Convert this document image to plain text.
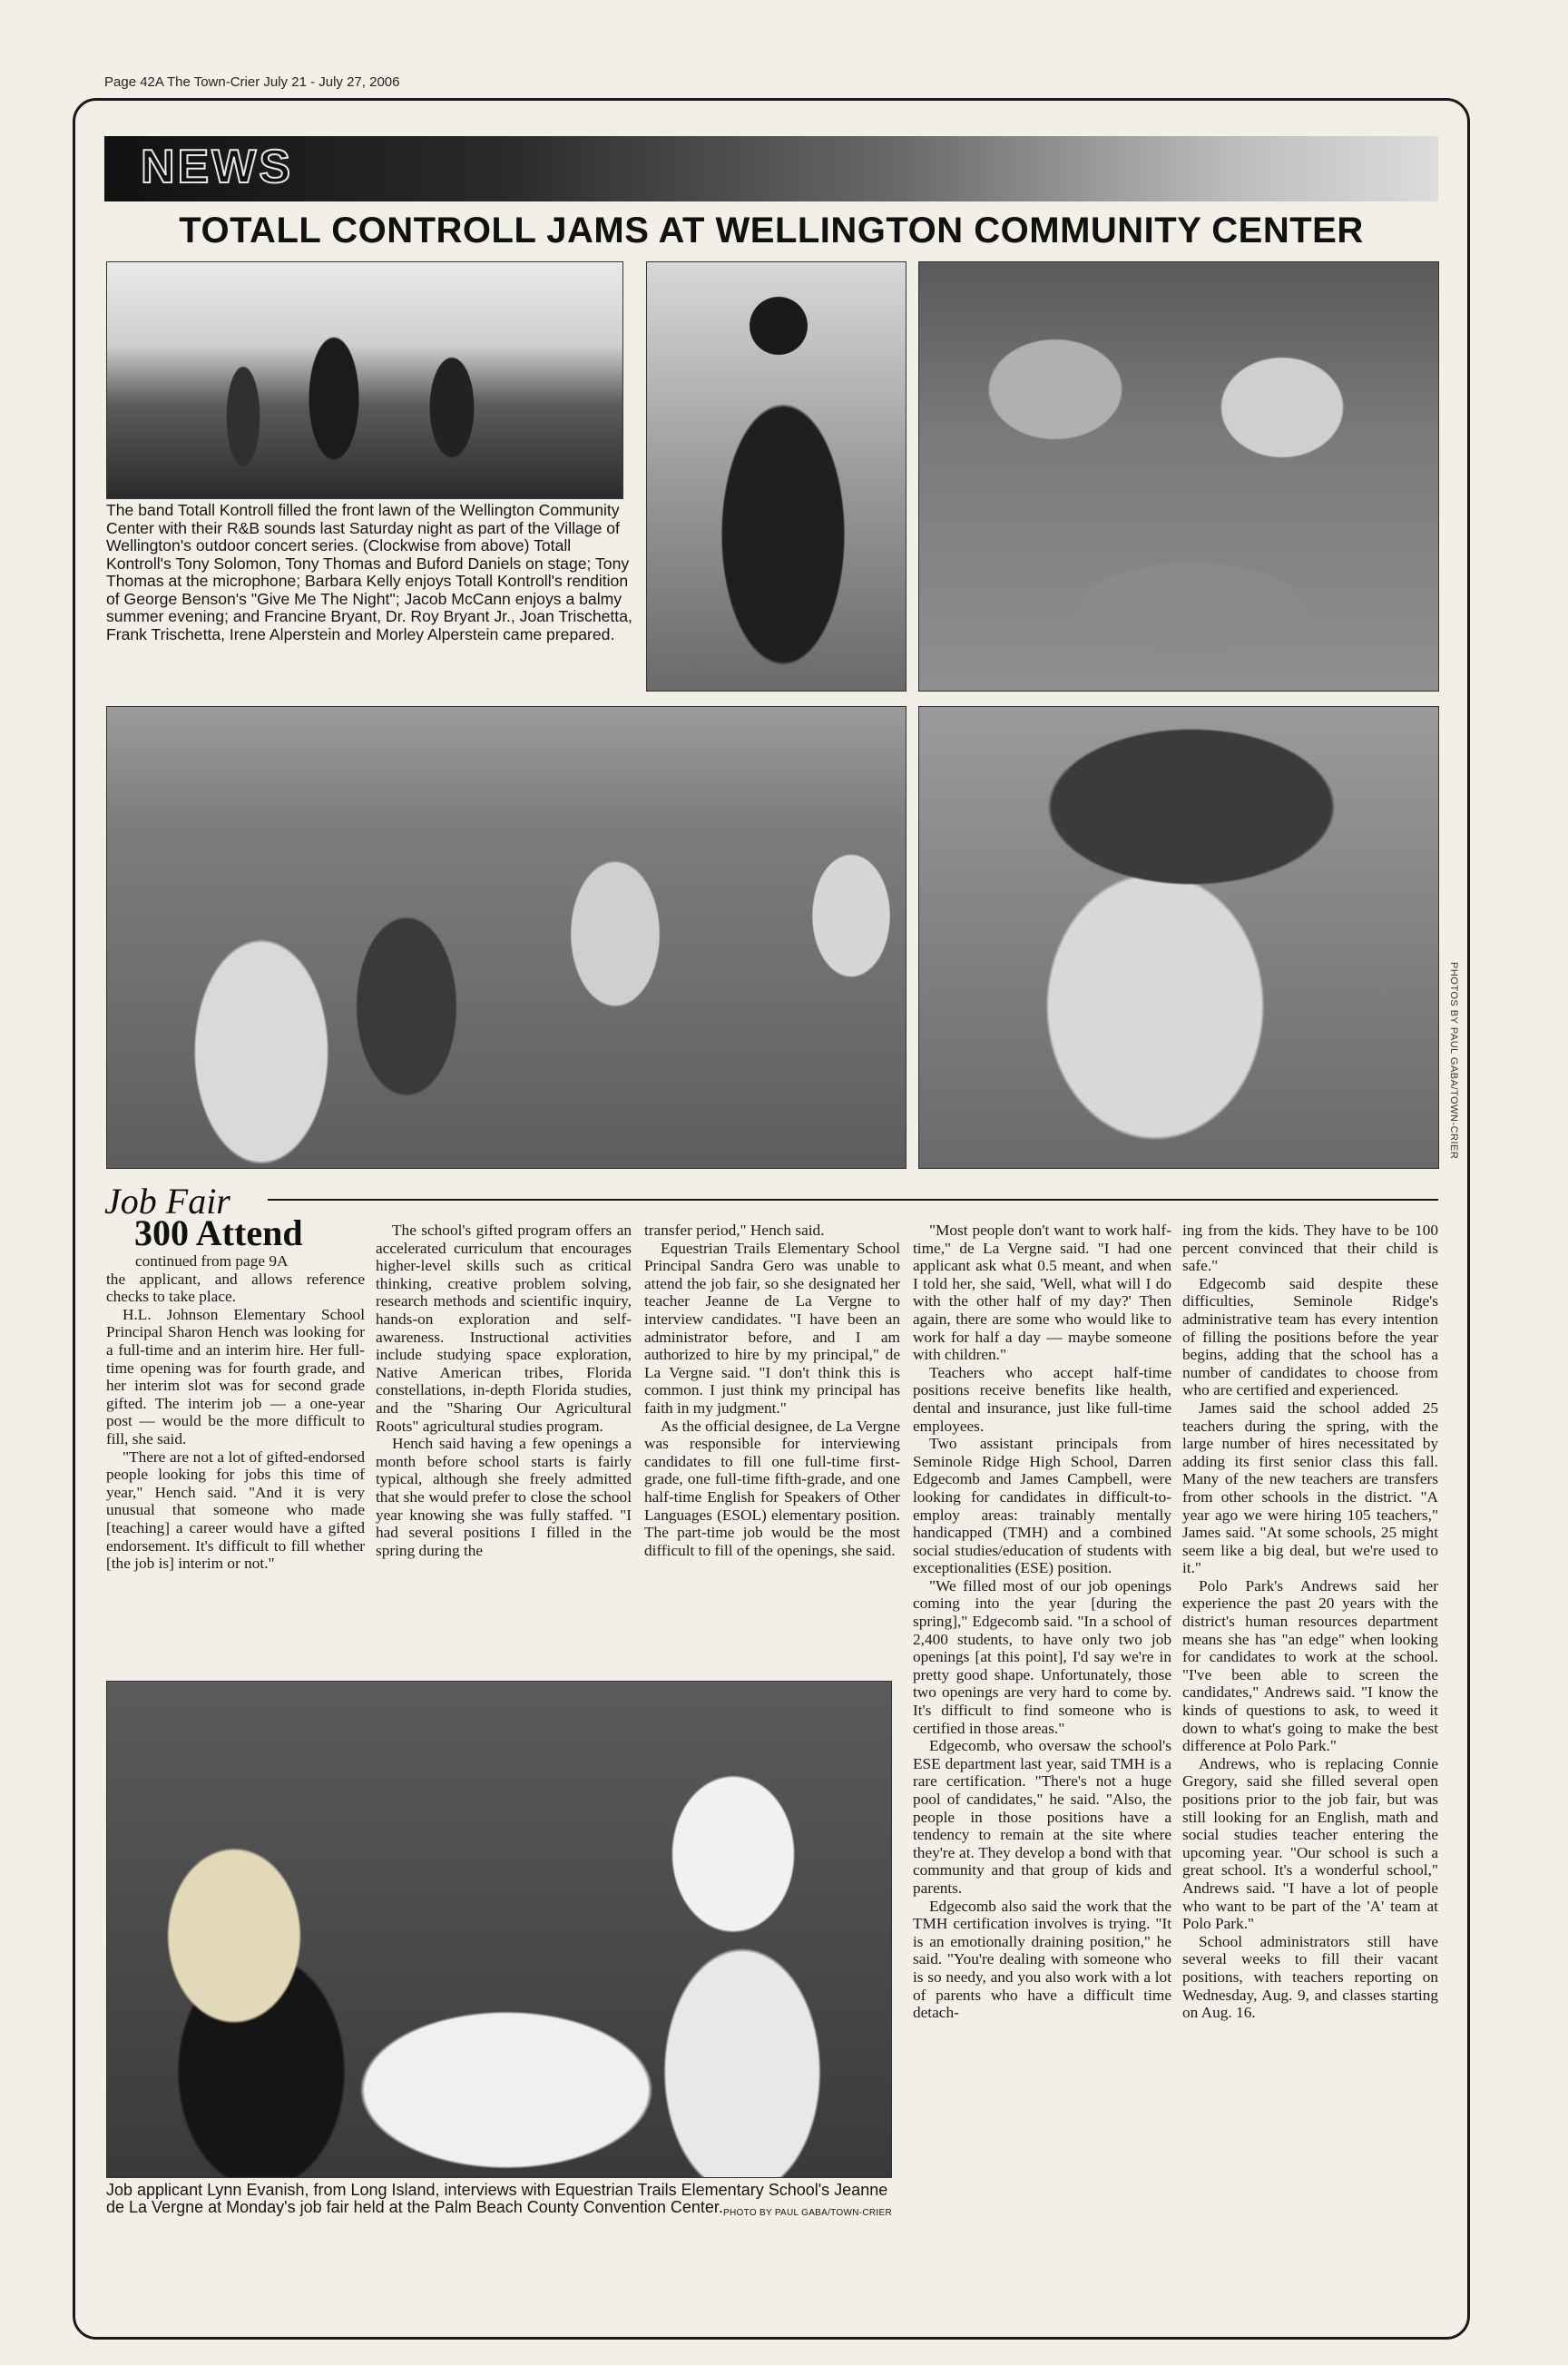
Page 42A The Town-Crier July 21 - July 27, 2006
NEWS
TOTALL CONTROLL JAMS AT WELLINGTON COMMUNITY CENTER
The band Totall Kontroll filled the front lawn of the Wellington Community Center with their R&B sounds last Saturday night as part of the Village of Wellington's outdoor concert series. (Clockwise from above) Totall Kontroll's Tony Solomon, Tony Thomas and Buford Daniels on stage; Tony Thomas at the microphone; Barbara Kelly enjoys Totall Kontroll's rendition of George Benson's "Give Me The Night"; Jacob McCann enjoys a balmy summer evening; and Francine Bryant, Dr. Roy Bryant Jr., Joan Trischetta, Frank Trischetta, Irene Alperstein and Morley Alperstein came prepared.
PHOTOS BY PAUL GABA/TOWN-CRIER
Job Fair
300 Attend

continued from page 9A

the applicant, and allows reference checks to take place.

H.L. Johnson Elementary School Principal Sharon Hench was looking for a full-time and an interim hire. Her full-time opening was for fourth grade, and her interim slot was for second grade gifted. The interim job — a one-year post — would be the more difficult to fill, she said.

"There are not a lot of gifted-endorsed people looking for jobs this time of year," Hench said. "And it is very unusual that someone who made [teaching] a career would have a gifted endorsement. It's difficult to fill whether [the job is] interim or not."

The school's gifted program offers an accelerated curriculum that encourages higher-level skills such as critical thinking, creative problem solving, research methods and scientific inquiry, hands-on exploration and self-awareness. Instructional activities include studying space exploration, Native American tribes, Florida constellations, in-depth Florida studies, and the "Sharing Our Agricultural Roots" agricultural studies program.

Hench said having a few openings a month before school starts is fairly typical, although she freely admitted that she would prefer to close the school year knowing she was fully staffed. "I had several positions I filled in the spring during the

transfer period," Hench said.

Equestrian Trails Elementary School Principal Sandra Gero was unable to attend the job fair, so she designated her teacher Jeanne de La Vergne to interview candidates. "I have been an administrator before, and I am authorized to hire by my principal," de La Vergne said. "I don't think this is common. I just think my principal has faith in my judgment."

As the official designee, de La Vergne was responsible for interviewing candidates to fill one full-time first-grade, one full-time fifth-grade, and one half-time English for Speakers of Other Languages (ESOL) elementary position. The part-time job would be the most difficult to fill of the openings, she said.

"Most people don't want to work half-time," de La Vergne said. "I had one applicant ask what 0.5 meant, and when I told her, she said, 'Well, what will I do with the other half of my day?' Then again, there are some who would like to work for half a day — maybe someone with children."

Teachers who accept half-time positions receive benefits like health, dental and insurance, just like full-time employees.

Two assistant principals from Seminole Ridge High School, Darren Edgecomb and James Campbell, were looking for candidates in difficult-to-employ areas: trainably mentally handicapped (TMH) and a combined social studies/education of students with exceptionalities (ESE) position.

"We filled most of our job openings coming into the year [during the spring]," Edgecomb said. "In a school of 2,400 students, to have only two job openings [at this point], I'd say we're in pretty good shape. Unfortunately, those two openings are very hard to come by. It's difficult to find someone who is certified in those areas."

Edgecomb, who oversaw the school's ESE department last year, said TMH is a rare certification. "There's not a huge pool of candidates," he said. "Also, the people in those positions have a tendency to remain at the site where they're at. They develop a bond with that community and that group of kids and parents.

Edgecomb also said the work that the TMH certification involves is trying. "It is an emotionally draining position," he said. "You're dealing with someone who is so needy, and you also work with a lot of parents who have a difficult time detach-

ing from the kids. They have to be 100 percent convinced that their child is safe."

Edgecomb said despite these difficulties, Seminole Ridge's administrative team has every intention of filling the positions before the year begins, adding that the school has a number of candidates to choose from who are certified and experienced.

James said the school added 25 teachers during the spring, with the large number of hires necessitated by adding its first senior class this fall. Many of the new teachers are transfers from other schools in the district. "A year ago we were hiring 105 teachers," James said. "At some schools, 25 might seem like a big deal, but we're used to it."

Polo Park's Andrews said her experience the past 20 years with the district's human resources department means she has "an edge" when looking for candidates to work at the school. "I've been able to screen the candidates," Andrews said. "I know the kinds of questions to ask, to weed it down to what's going to make the best difference at Polo Park."

Andrews, who is replacing Connie Gregory, said she filled several open positions prior to the job fair, but was still looking for an English, math and social studies teacher entering the upcoming year. "Our school is such a great school. It's a wonderful school," Andrews said. "I have a lot of people who want to be part of the 'A' team at Polo Park."

School administrators still have several weeks to fill their vacant positions, with teachers reporting on Wednesday, Aug. 9, and classes starting on Aug. 16.

Job applicant Lynn Evanish, from Long Island, interviews with Equestrian Trails Elementary School's Jeanne de La Vergne at Monday's job fair held at the Palm Beach County Convention Center. PHOTO BY PAUL GABA/TOWN-CRIER
